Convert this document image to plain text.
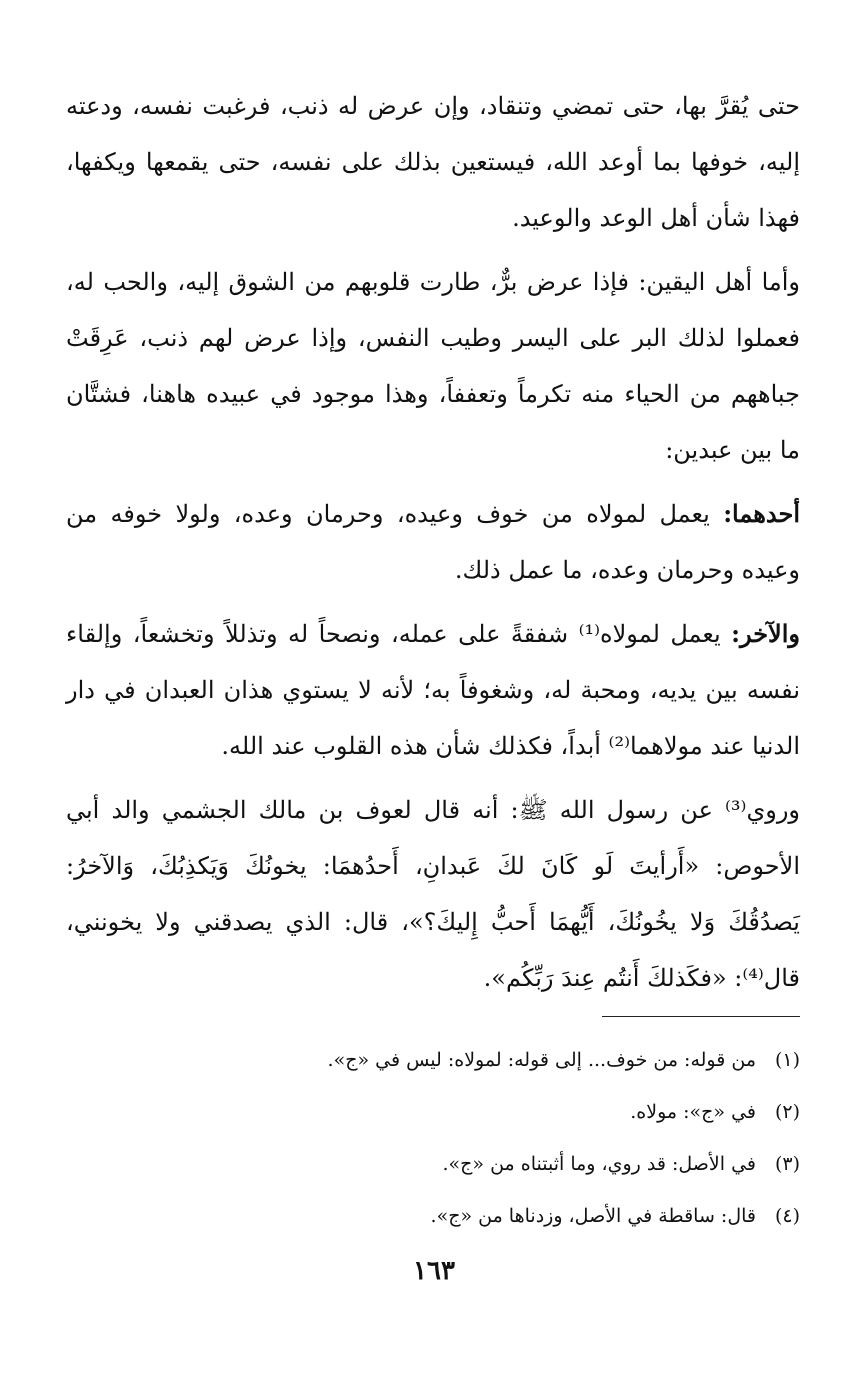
حتى يُقرَّ بها، حتى تمضي وتنقاد، وإن عرض له ذنب، فرغبت نفسه، ودعته إليه، خوفها بما أوعد الله، فيستعين بذلك على نفسه، حتى يقمعها ويكفها، فهذا شأن أهل الوعد والوعيد.

وأما أهل اليقين: فإذا عرض برٌّ، طارت قلوبهم من الشوق إليه، والحب له، فعملوا لذلك البر على اليسر وطيب النفس، وإذا عرض لهم ذنب، عَرِقَتْ جباههم من الحياء منه تكرماً وتعففاً، وهذا موجود في عبيده هاهنا، فشتَّان ما بين عبدين:

أحدهما: يعمل لمولاه من خوف وعيده، وحرمان وعده، ولولا خوفه من وعيده وحرمان وعده، ما عمل ذلك.

والآخر: يعمل لمولاه⁽¹⁾ شفقةً على عمله، ونصحاً له وتذللاً وتخشعاً، وإلقاء نفسه بين يديه، ومحبة له، وشغوفاً به؛ لأنه لا يستوي هذان العبدان في دار الدنيا عند مولاهما⁽²⁾ أبداً، فكذلك شأن هذه القلوب عند الله.

وروي⁽³⁾ عن رسول الله ﷺ: أنه قال لعوف بن مالك الجشمي والد أبي الأحوص: «أَرأيتَ لَو كَانَ لكَ عَبدانِ، أَحدُهمَا: يخونُكَ وَيَكذِبُكَ، وَالآخرُ: يَصدُقُكَ وَلا يخُونُكَ، أَيُّهمَا أَحبُّ إِليكَ؟»، قال: الذي يصدقني ولا يخونني، قال⁽⁴⁾: «فكَذلكَ أَنتُم عِندَ رَبِّكُم».

(١)من قوله: من خوف... إلى قوله: لمولاه: ليس في «ج».
(٢)في «ج»: مولاه.
(٣)في الأصل: قد روي، وما أثبتناه من «ج».
(٤)قال: ساقطة في الأصل، وزدناها من «ج».
١٦٣
